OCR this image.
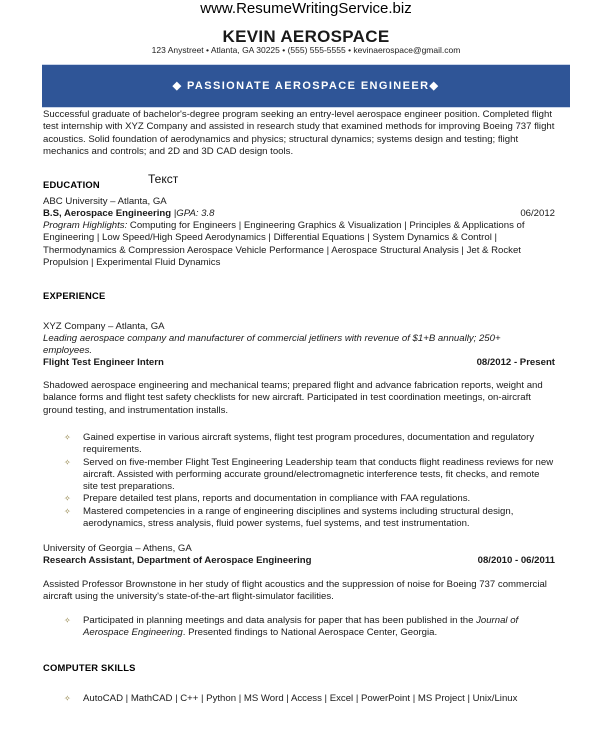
www.ResumeWritingService.biz
KEVIN AEROSPACE
123 Anystreet • Atlanta, GA 30225 • (555) 555-5555 • kevinaerospace@gmail.com
◆ PASSIONATE AEROSPACE ENGINEER◆
Successful graduate of bachelor's-degree program seeking an entry-level aerospace engineer position. Completed flight test internship with XYZ Company and assisted in research study that examined methods for improving Boeing 737 flight acoustics. Solid foundation of aerodynamics and physics; structural dynamics; systems design and testing; flight mechanics and controls; and 2D and 3D CAD design tools.
EDUCATION	Текст
ABC University – Atlanta, GA
B.S, Aerospace Engineering |GPA: 3.8	06/2012
Program Highlights: Computing for Engineers | Engineering Graphics & Visualization | Principles & Applications of Engineering | Low Speed/High Speed Aerodynamics | Differential Equations | System Dynamics & Control | Thermodynamics & Compression Aerospace Vehicle Performance | Aerospace Structural Analysis | Jet & Rocket Propulsion | Experimental Fluid Dynamics
EXPERIENCE
XYZ Company – Atlanta, GA
Leading aerospace company and manufacturer of commercial jetliners with revenue of $1+B annually; 250+ employees.
Flight Test Engineer Intern	08/2012 - Present
Shadowed aerospace engineering and mechanical teams; prepared flight and advance fabrication reports, weight and balance forms and flight test safety checklists for new aircraft. Participated in test coordination meetings, on-aircraft ground testing, and instrumentation installs.
✧ Gained expertise in various aircraft systems, flight test program procedures, documentation and regulatory requirements.
✧ Served on five-member Flight Test Engineering Leadership team that conducts flight readiness reviews for new aircraft. Assisted with performing accurate ground/electromagnetic interference tests, fit checks, and remote site test preparations.
✧ Prepare detailed test plans, reports and documentation in compliance with FAA regulations.
✧ Mastered competencies in a range of engineering disciplines and systems including structural design, aerodynamics, stress analysis, fluid power systems, fuel systems, and test instrumentation.
University of Georgia – Athens, GA
Research Assistant, Department of Aerospace Engineering	08/2010 - 06/2011
Assisted Professor Brownstone in her study of flight acoustics and the suppression of noise for Boeing 737 commercial aircraft using the university's state-of-the-art flight-simulator facilities.
✧ Participated in planning meetings and data analysis for paper that has been published in the Journal of Aerospace Engineering. Presented findings to National Aerospace Center, Georgia.
COMPUTER SKILLS
✧ AutoCAD | MathCAD | C++ | Python | MS Word | Access | Excel | PowerPoint | MS Project | Unix/Linux
